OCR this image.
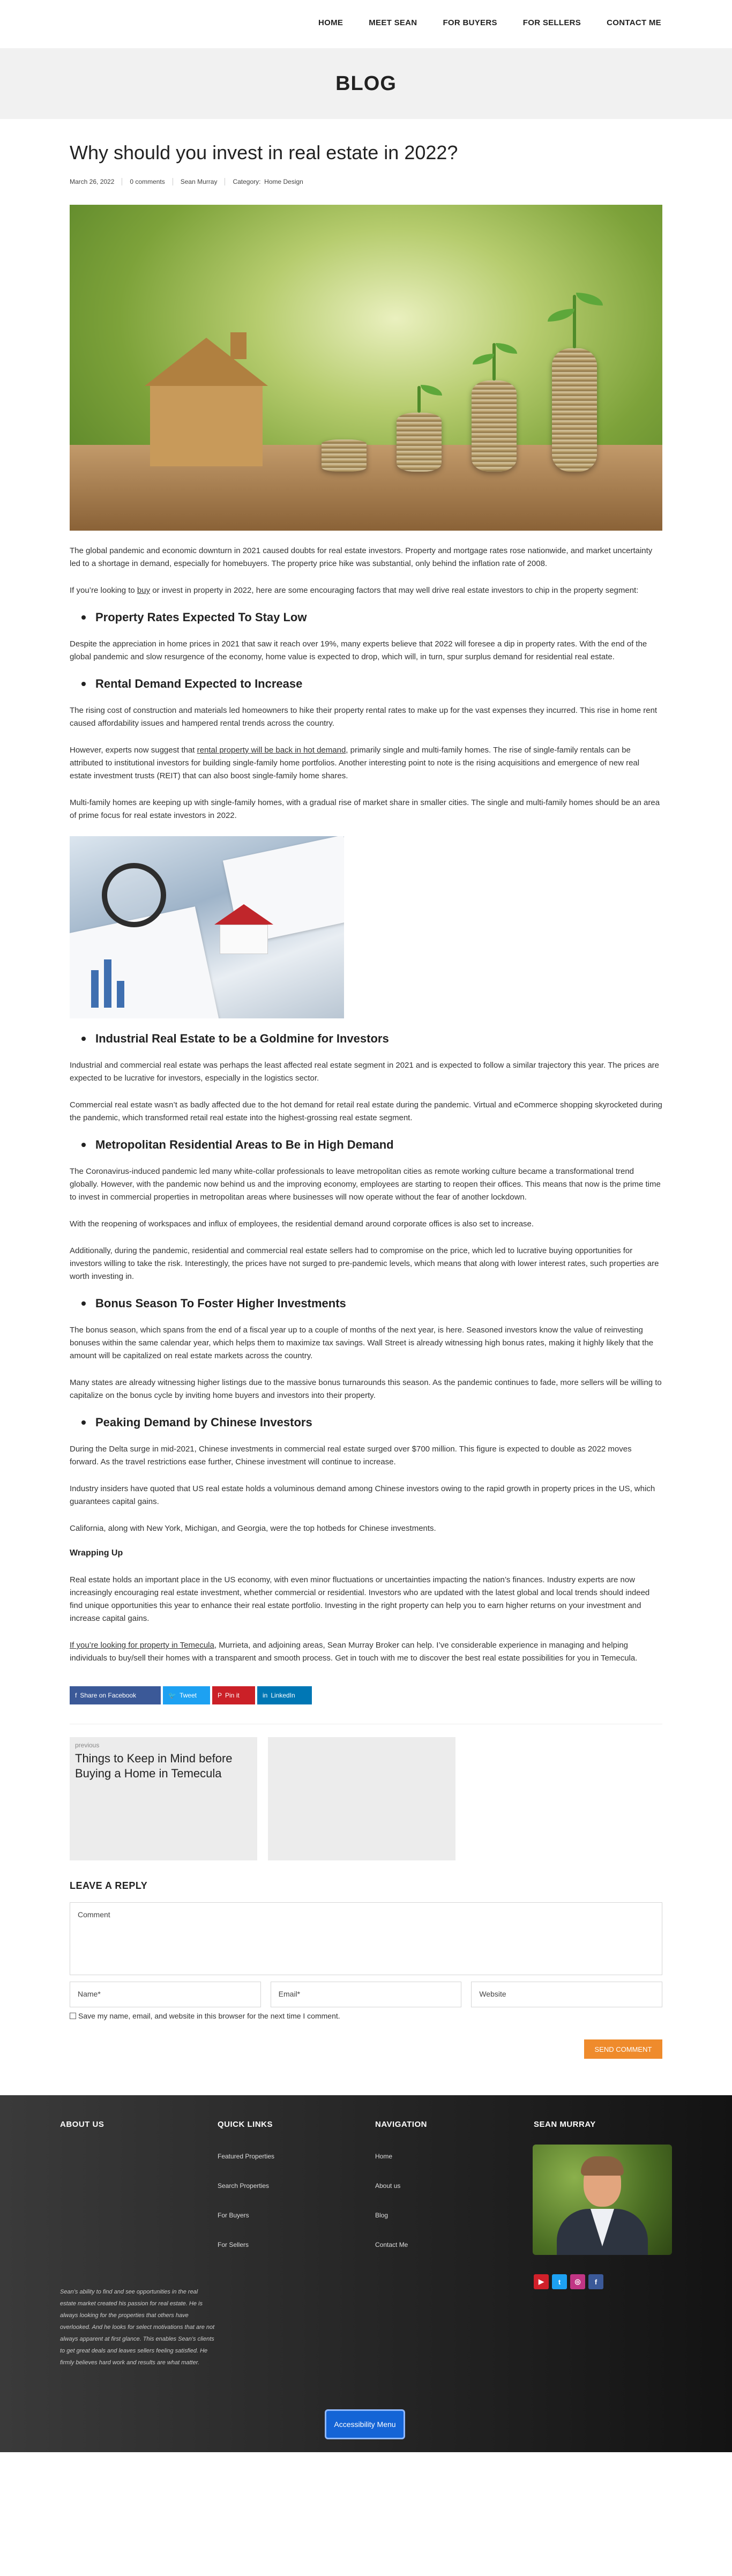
HOME	MEET SEAN	FOR BUYERS	FOR SELLERS	CONTACT ME
BLOG
Why should you invest in real estate in 2022?
March 26, 2022	0 comments	Sean Murray	Category: Home Design

The global pandemic and economic downturn in 2021 caused doubts for real estate investors. Property and mortgage rates rose nationwide, and market uncertainty led to a shortage in demand, especially for homebuyers. The property price hike was substantial, only behind the inflation rate of 2008.

If you’re looking to buy or invest in property in 2022, here are some encouraging factors that may well drive real estate investors to chip in the property segment:

Property Rates Expected To Stay Low

Despite the appreciation in home prices in 2021 that saw it reach over 19%, many experts believe that 2022 will foresee a dip in property rates. With the end of the global pandemic and slow resurgence of the economy, home value is expected to drop, which will, in turn, spur surplus demand for residential real estate.

Rental Demand Expected to Increase

The rising cost of construction and materials led homeowners to hike their property rental rates to make up for the vast expenses they incurred. This rise in home rent caused affordability issues and hampered rental trends across the country.

However, experts now suggest that rental property will be back in hot demand, primarily single and multi-family homes. The rise of single-family rentals can be attributed to institutional investors for building single-family home portfolios. Another interesting point to note is the rising acquisitions and emergence of new real estate investment trusts (REIT) that can also boost single-family home shares.

Multi-family homes are keeping up with single-family homes, with a gradual rise of market share in smaller cities. The single and multi-family homes should be an area of prime focus for real estate investors in 2022.

Industrial Real Estate to be a Goldmine for Investors

Industrial and commercial real estate was perhaps the least affected real estate segment in 2021 and is expected to follow a similar trajectory this year. The prices are expected to be lucrative for investors, especially in the logistics sector.

Commercial real estate wasn’t as badly affected due to the hot demand for retail real estate during the pandemic. Virtual and eCommerce shopping skyrocketed during the pandemic, which transformed retail real estate into the highest-grossing real estate segment.

Metropolitan Residential Areas to Be in High Demand

The Coronavirus-induced pandemic led many white-collar professionals to leave metropolitan cities as remote working culture became a transformational trend globally. However, with the pandemic now behind us and the improving economy, employees are starting to reopen their offices. This means that now is the prime time to invest in commercial properties in metropolitan areas where businesses will now operate without the fear of another lockdown.

With the reopening of workspaces and influx of employees, the residential demand around corporate offices is also set to increase.

Additionally, during the pandemic, residential and commercial real estate sellers had to compromise on the price, which led to lucrative buying opportunities for investors willing to take the risk. Interestingly, the prices have not surged to pre-pandemic levels, which means that along with lower interest rates, such properties are worth investing in.

Bonus Season To Foster Higher Investments

The bonus season, which spans from the end of a fiscal year up to a couple of months of the next year, is here. Seasoned investors know the value of reinvesting bonuses within the same calendar year, which helps them to maximize tax savings. Wall Street is already witnessing high bonus rates, making it highly likely that the amount will be capitalized on real estate markets across the country.

Many states are already witnessing higher listings due to the massive bonus turnarounds this season. As the pandemic continues to fade, more sellers will be willing to capitalize on the bonus cycle by inviting home buyers and investors into their property.

Peaking Demand by Chinese Investors

During the Delta surge in mid-2021, Chinese investments in commercial real estate surged over $700 million. This figure is expected to double as 2022 moves forward. As the travel restrictions ease further, Chinese investment will continue to increase.

Industry insiders have quoted that US real estate holds a voluminous demand among Chinese investors owing to the rapid growth in property prices in the US, which guarantees capital gains.

California, along with New York, Michigan, and Georgia, were the top hotbeds for Chinese investments.

Wrapping Up

Real estate holds an important place in the US economy, with even minor fluctuations or uncertainties impacting the nation’s finances. Industry experts are now increasingly encouraging real estate investment, whether commercial or residential. Investors who are updated with the latest global and local trends should indeed find unique opportunities this year to enhance their real estate portfolio. Investing in the right property can help you to earn higher returns on your investment and increase capital gains.

If you’re looking for property in Temecula, Murrieta, and adjoining areas, Sean Murray Broker can help. I’ve considerable experience in managing and helping individuals to buy/sell their homes with a transparent and smooth process. Get in touch with me to discover the best real estate possibilities for you in Temecula.

f Share on Facebook	🐦 Tweet	P Pin it	in LinkedIn
previous
Things to Keep in Mind before Buying a Home in Temecula
LEAVE A REPLY
Comment
Name*	Email*	Website
Save my name, email, and website in this browser for the next time I comment.
SEND COMMENT
ABOUT US

Sean’s ability to find and see opportunities in the real estate market created his passion for real estate. He is always looking for the properties that others have overlooked. And he looks for select motivations that are not always apparent at first glance. This enables Sean’s clients to get great deals and leaves sellers feeling satisfied. He firmly believes hard work and results are what matter.

QUICK LINKS
Featured Properties
Search Properties
For Buyers
For Sellers
NAVIGATION
Home
About us
Blog
Contact Me
SEAN MURRAY
▶	t	◎	f
Accessibility Menu
